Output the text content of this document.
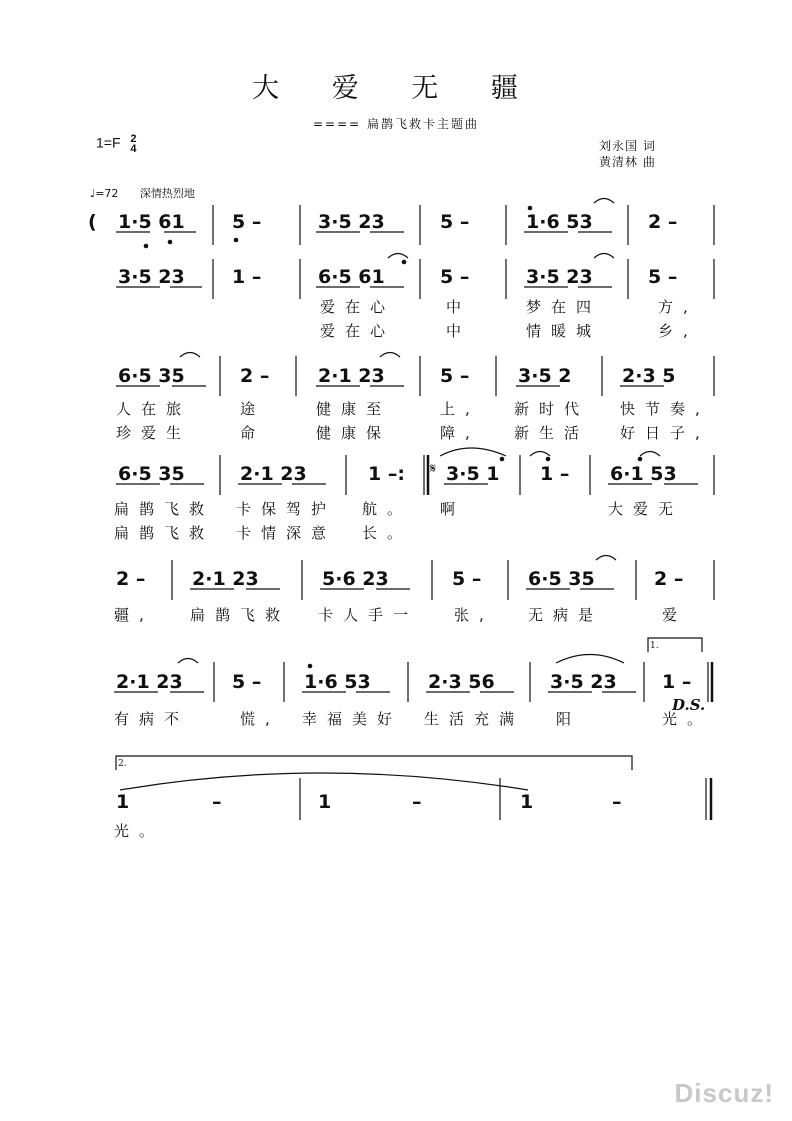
大 爱 无 疆
==== 扁鹊飞救卡主题曲
1=F 2
4	刘永国 词
黄清林 曲
♩=72 深情热烈地
( 1·5 61 5 –	3·5 23	5 –	1·6 53	2 –
3·5 23 1 –	6·5 61	5 –	3·5 23	5 –
爱在心	中	梦在四	方,
爱在心	中	情暖城	乡,
6·5 35	2 –	2·1 23	5 –	3·5 2	2·3 5
人在旅	途	健康至	上, 新时代 快节奏,
珍爱生	命	健康保	障, 新生活 好日子,
6·5 35	2·1 23	1 –: 3·5 1 1 – 6·1 53
扁鹊飞救 卡保驾护 航。 啊	大爱无
扁鹊飞救 卡情深意 长。
2 – 2·1 23	5·6 23	5 – 6·5 35	2 –
疆, 扁鹊飞救 卡人手一 张, 无病是	爱
2·1 23	5 – 1·6 53	2·3 56	3·5 23 1 –
有病不	慌, 幸福美好 生活充满 阳	光。
1	–	1	–	1	–
光。
D.S.
1.
2.
𝄋
Discuz!
